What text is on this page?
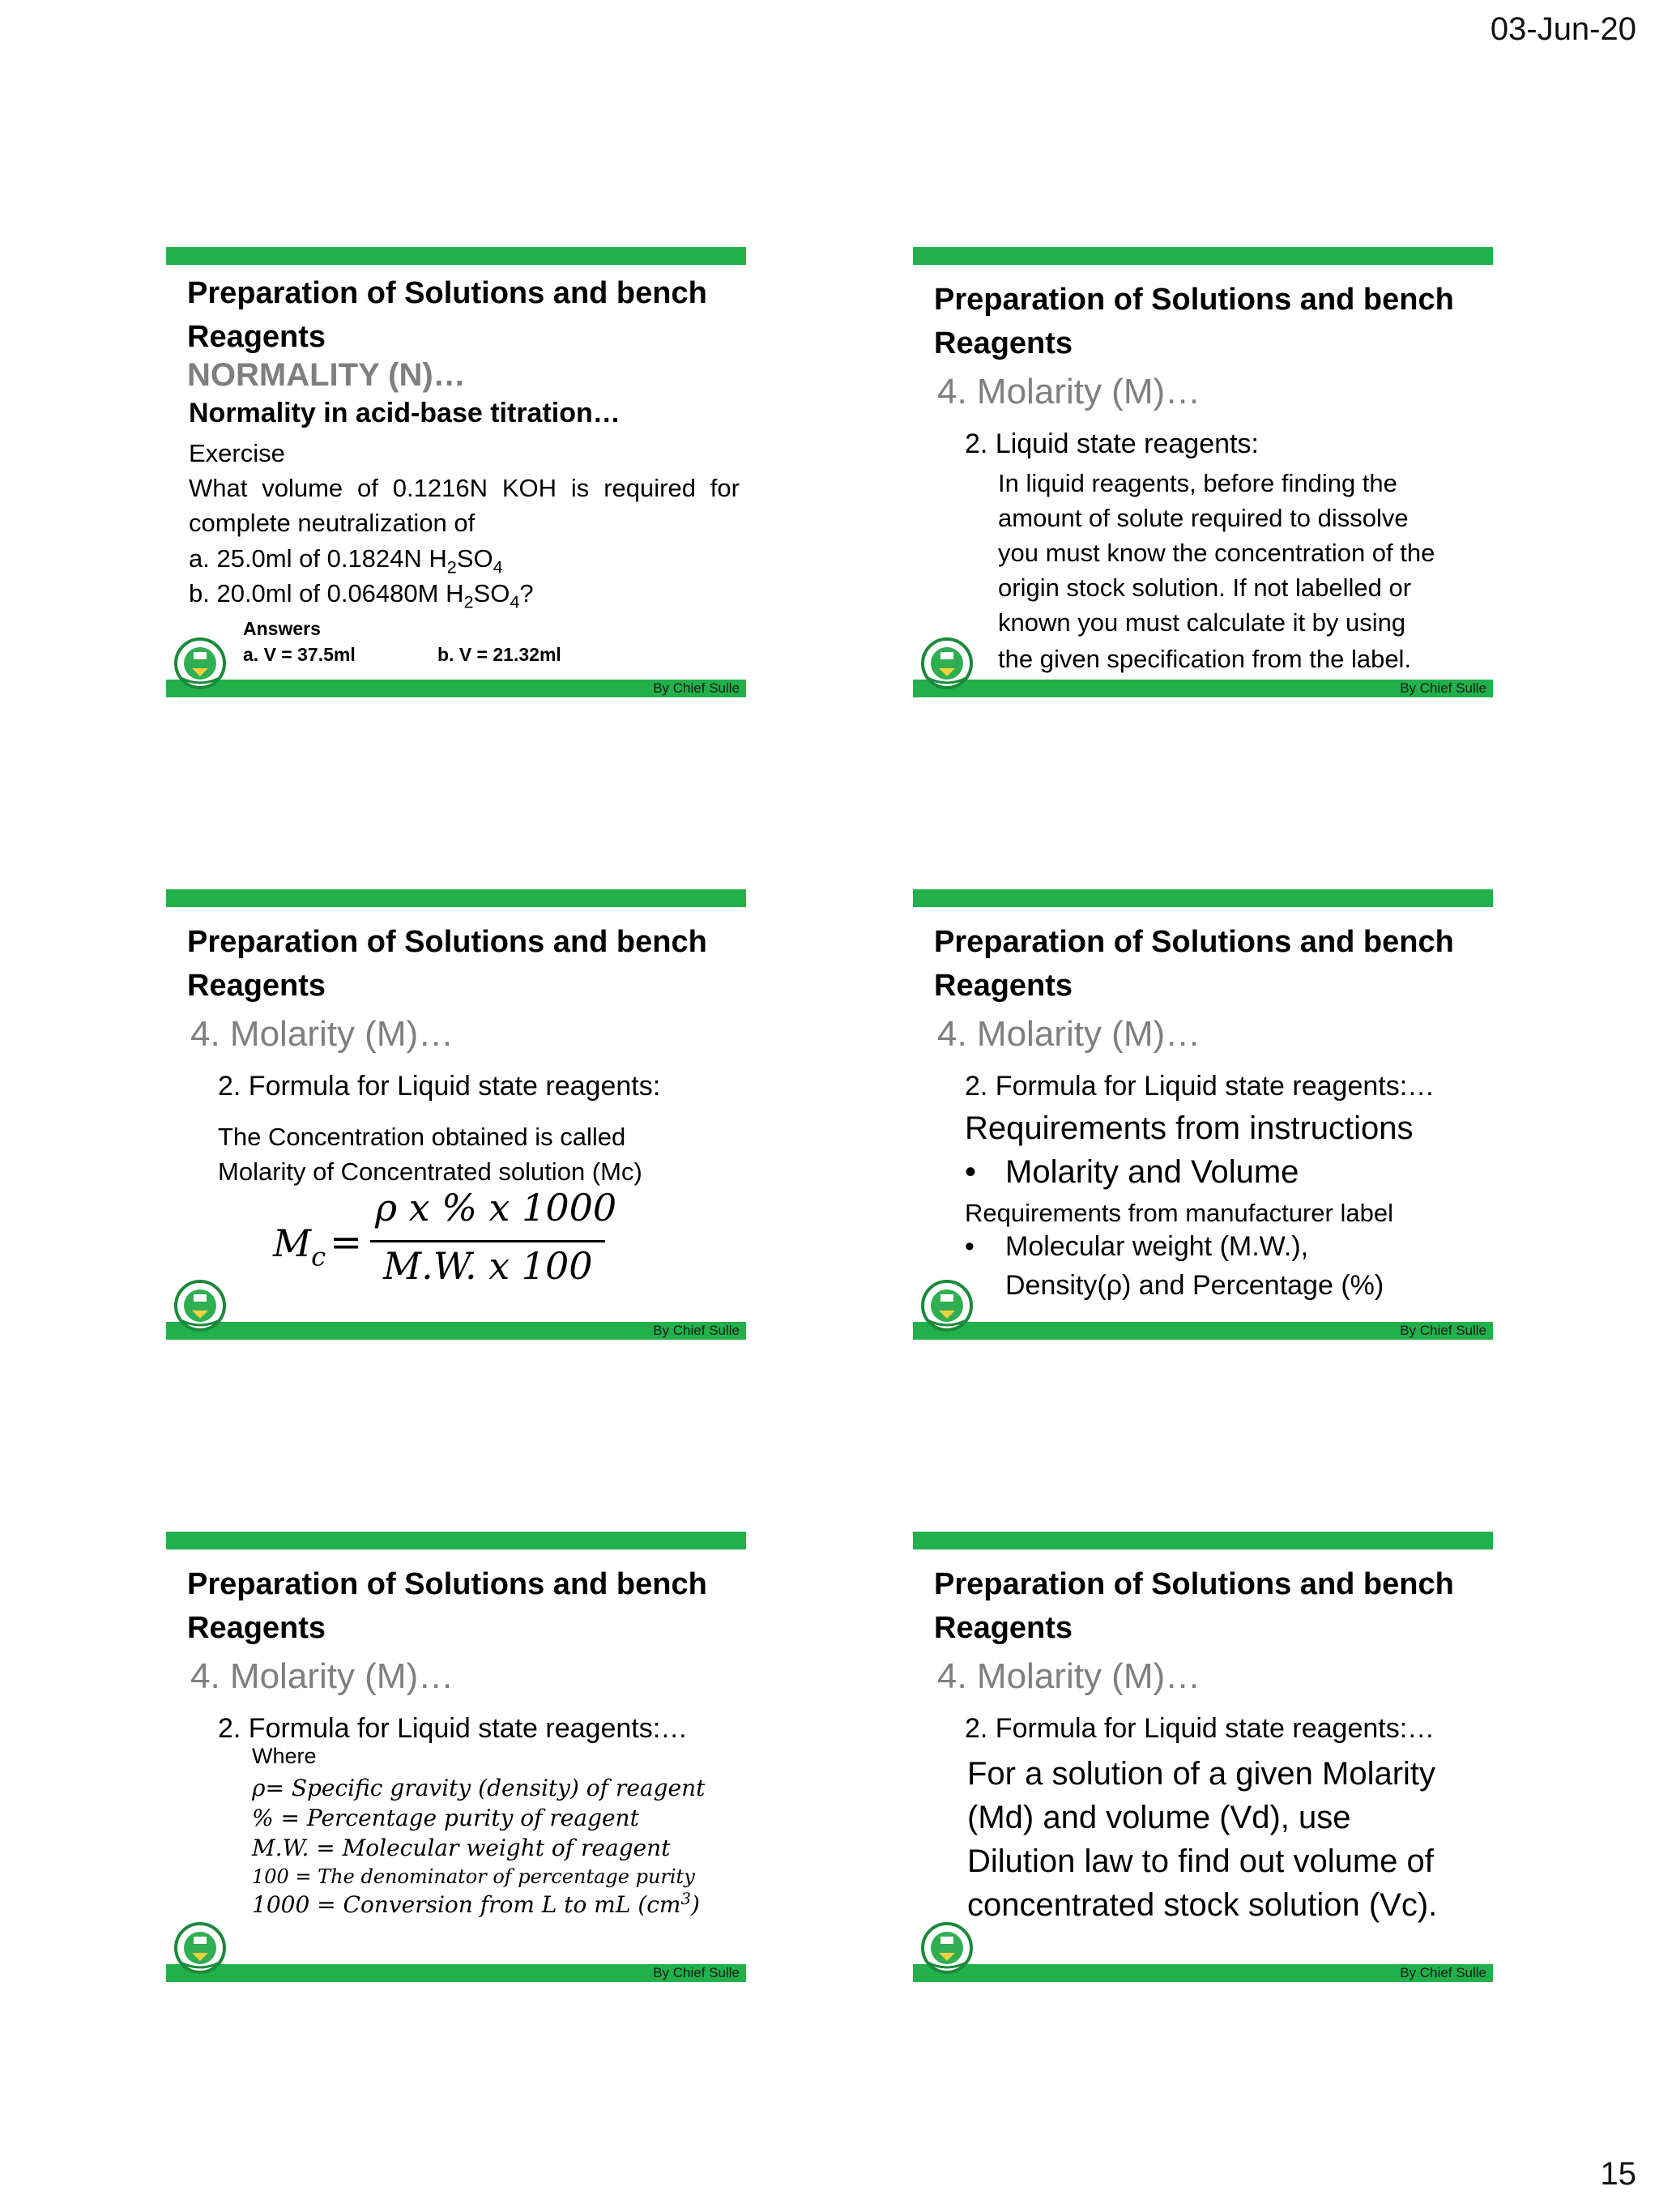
03-Jun-20
Preparation of Solutions and bench Reagents
NORMALITY (N)…
Normality in acid-base titration…
Exercise
What volume of 0.1216N KOH is required for complete neutralization of
a. 25.0ml of 0.1824N $H_2SO_4$
b. 20.0ml of 0.06480M $H_2SO_4$?
Answers
a. V = 37.5ml	b. V = 21.32ml
By Chief Sulle
Preparation of Solutions and bench Reagents
4. Molarity (M)…
2. Liquid state reagents:
In liquid reagents, before finding the
amount of solute required to dissolve
you must know the concentration of the
origin stock solution. If not labelled or
known you must calculate it by using
the given specification from the label.
By Chief Sulle
Preparation of Solutions and bench Reagents
4. Molarity (M)…
2. Formula for Liquid state reagents:
The Concentration obtained is called
Molarity of Concentrated solution (Mc)
$M_c$ =
ρ x % x 1000
M.W. x 100
By Chief Sulle
Preparation of Solutions and bench Reagents
4. Molarity (M)…
2. Formula for Liquid state reagents:…
Requirements from instructions
• Molarity and Volume
Requirements from manufacturer label
• Molecular weight (M.W.),
Density(ρ) and Percentage (%)
By Chief Sulle
Preparation of Solutions and bench Reagents
4. Molarity (M)…
2. Formula for Liquid state reagents:…
Where
ρ= Specific gravity (density) of reagent
% = Percentage purity of reagent
M.W. = Molecular weight of reagent
100 = The denominator of percentage purity
1000 = Conversion from L to mL $(cm^3)$
By Chief Sulle
Preparation of Solutions and bench Reagents
4. Molarity (M)…
2. Formula for Liquid state reagents:…
For a solution of a given Molarity
(Md) and volume (Vd), use
Dilution law to find out volume of
concentrated stock solution (Vc).
By Chief Sulle
15
